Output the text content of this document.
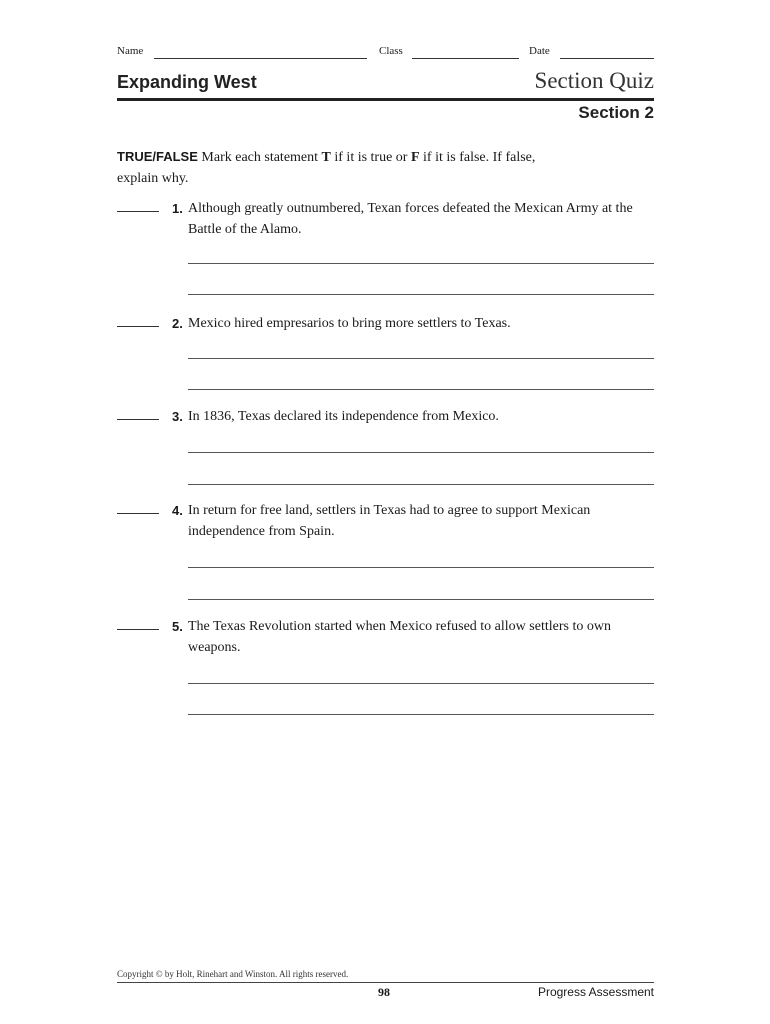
Name	Class	Date
Expanding West	Section Quiz
Section 2
TRUE/FALSE Mark each statement T if it is true or F if it is false. If false, explain why.
1. Although greatly outnumbered, Texan forces defeated the Mexican Army at the Battle of the Alamo.
2. Mexico hired empresarios to bring more settlers to Texas.
3. In 1836, Texas declared its independence from Mexico.
4. In return for free land, settlers in Texas had to agree to support Mexican independence from Spain.
5. The Texas Revolution started when Mexico refused to allow settlers to own weapons.
Copyright © by Holt, Rinehart and Winston. All rights reserved.
98	Progress Assessment
